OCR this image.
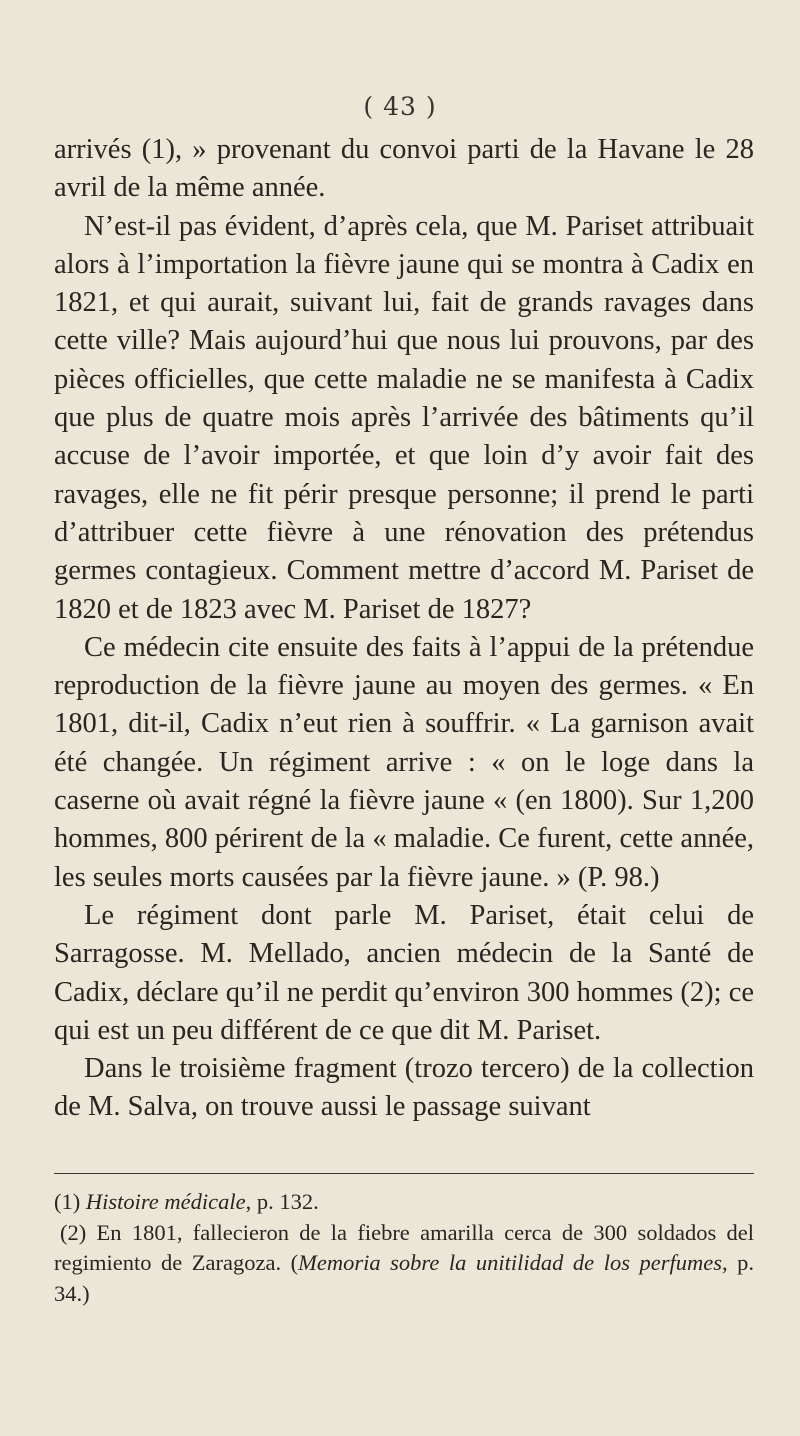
( 43 )

arrivés (1), » provenant du convoi parti de la Havane le 28 avril de la même année.

N’est-il pas évident, d’après cela, que M. Pariset attribuait alors à l’importation la fièvre jaune qui se montra à Cadix en 1821, et qui aurait, suivant lui, fait de grands ravages dans cette ville? Mais aujourd’hui que nous lui prouvons, par des pièces officielles, que cette maladie ne se manifesta à Cadix que plus de quatre mois après l’arrivée des bâtiments qu’il accuse de l’avoir importée, et que loin d’y avoir fait des ravages, elle ne fit périr presque personne; il prend le parti d’attribuer cette fièvre à une rénovation des prétendus germes contagieux. Comment mettre d’accord M. Pariset de 1820 et de 1823 avec M. Pariset de 1827?

Ce médecin cite ensuite des faits à l’appui de la prétendue reproduction de la fièvre jaune au moyen des germes. « En 1801, dit-il, Cadix n’eut rien à souffrir. « La garnison avait été changée. Un régiment arrive : « on le loge dans la caserne où avait régné la fièvre jaune « (en 1800). Sur 1,200 hommes, 800 périrent de la « maladie. Ce furent, cette année, les seules morts causées par la fièvre jaune. » (P. 98.)

Le régiment dont parle M. Pariset, était celui de Sarragosse. M. Mellado, ancien médecin de la Santé de Cadix, déclare qu’il ne perdit qu’environ 300 hommes (2); ce qui est un peu différent de ce que dit M. Pariset.

Dans le troisième fragment (trozo tercero) de la collection de M. Salva, on trouve aussi le passage suivant

(1) Histoire médicale, p. 132.

(2) En 1801, fallecieron de la fiebre amarilla cerca de 300 soldados del regimiento de Zaragoza. (Memoria sobre la unitilidad de los perfumes, p. 34.)
